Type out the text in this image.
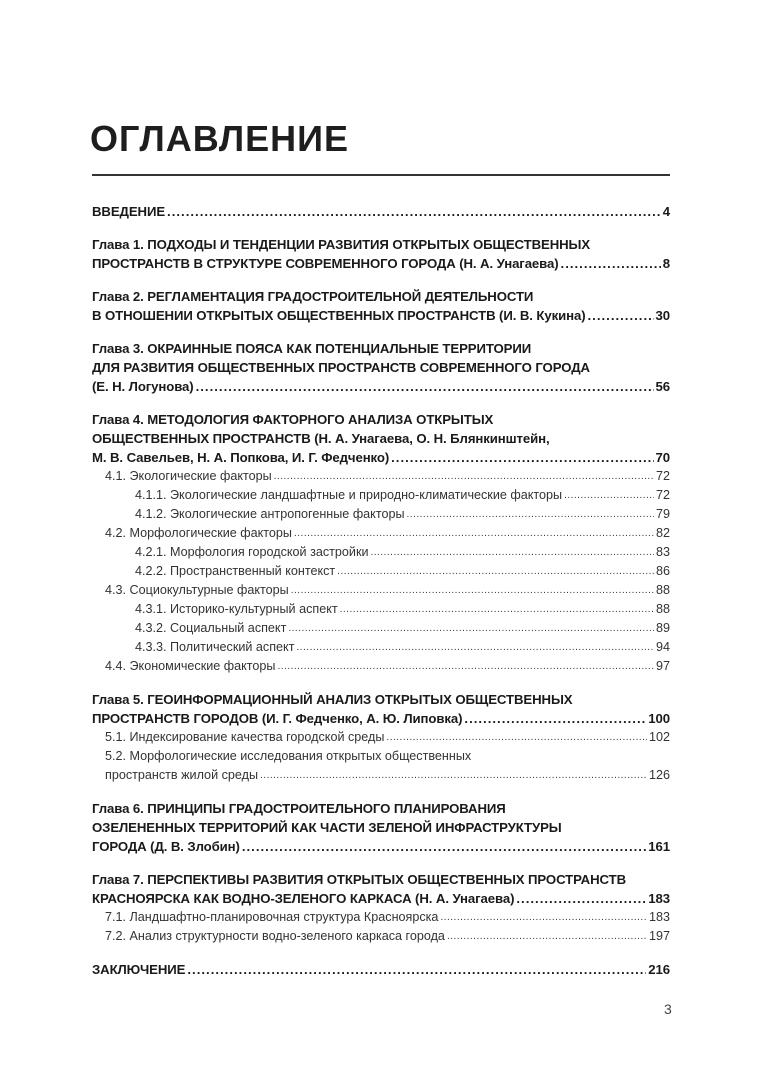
ОГЛАВЛЕНИЕ
ВВЕДЕНИЕ .....	4
Глава 1. ПОДХОДЫ И ТЕНДЕНЦИИ РАЗВИТИЯ ОТКРЫТЫХ ОБЩЕСТВЕННЫХ
ПРОСТРАНСТВ В СТРУКТУРЕ СОВРЕМЕННОГО ГОРОДА (Н. А. Унагаева) .....	8
Глава 2. РЕГЛАМЕНТАЦИЯ ГРАДОСТРОИТЕЛЬНОЙ ДЕЯТЕЛЬНОСТИ
В ОТНОШЕНИИ ОТКРЫТЫХ ОБЩЕСТВЕННЫХ ПРОСТРАНСТВ (И. В. Кукина) .....	30
Глава 3. ОКРАИННЫЕ ПОЯСА КАК ПОТЕНЦИАЛЬНЫЕ ТЕРРИТОРИИ
ДЛЯ РАЗВИТИЯ ОБЩЕСТВЕННЫХ ПРОСТРАНСТВ СОВРЕМЕННОГО ГОРОДА
(Е. Н. Логунова) .....	56
Глава 4. МЕТОДОЛОГИЯ ФАКТОРНОГО АНАЛИЗА ОТКРЫТЫХ
ОБЩЕСТВЕННЫХ ПРОСТРАНСТВ (Н. А. Унагаева, О. Н. Блянкинштейн,
М. В. Савельев, Н. А. Попкова, И. Г. Федченко) .....	70
4.1. Экологические факторы .....	72
4.1.1. Экологические ландшафтные и природно-климатические факторы .....	72
4.1.2. Экологические антропогенные факторы .....	79
4.2. Морфологические факторы .....	82
4.2.1. Морфология городской застройки .....	83
4.2.2. Пространственный контекст .....	86
4.3. Социокультурные факторы .....	88
4.3.1. Историко-культурный аспект .....	88
4.3.2. Социальный аспект .....	89
4.3.3. Политический аспект .....	94
4.4. Экономические факторы .....	97
Глава 5. ГЕОИНФОРМАЦИОННЫЙ АНАЛИЗ ОТКРЫТЫХ ОБЩЕСТВЕННЫХ
ПРОСТРАНСТВ ГОРОДОВ (И. Г. Федченко, А. Ю. Липовка) .....	100
5.1. Индексирование качества городской среды .....	102
5.2. Морфологические исследования открытых общественных
пространств жилой среды .....	126
Глава 6. ПРИНЦИПЫ ГРАДОСТРОИТЕЛЬНОГО ПЛАНИРОВАНИЯ
ОЗЕЛЕНЕННЫХ ТЕРРИТОРИЙ КАК ЧАСТИ ЗЕЛЕНОЙ ИНФРАСТРУКТУРЫ
ГОРОДА (Д. В. Злобин) .....	161
Глава 7. ПЕРСПЕКТИВЫ РАЗВИТИЯ ОТКРЫТЫХ ОБЩЕСТВЕННЫХ ПРОСТРАНСТВ
КРАСНОЯРСКА КАК ВОДНО-ЗЕЛЕНОГО КАРКАСА (Н. А. Унагаева) .....	183
7.1. Ландшафтно-планировочная структура Красноярска .....	183
7.2. Анализ структурности водно-зеленого каркаса города .....	197
ЗАКЛЮЧЕНИЕ .....	216
3
